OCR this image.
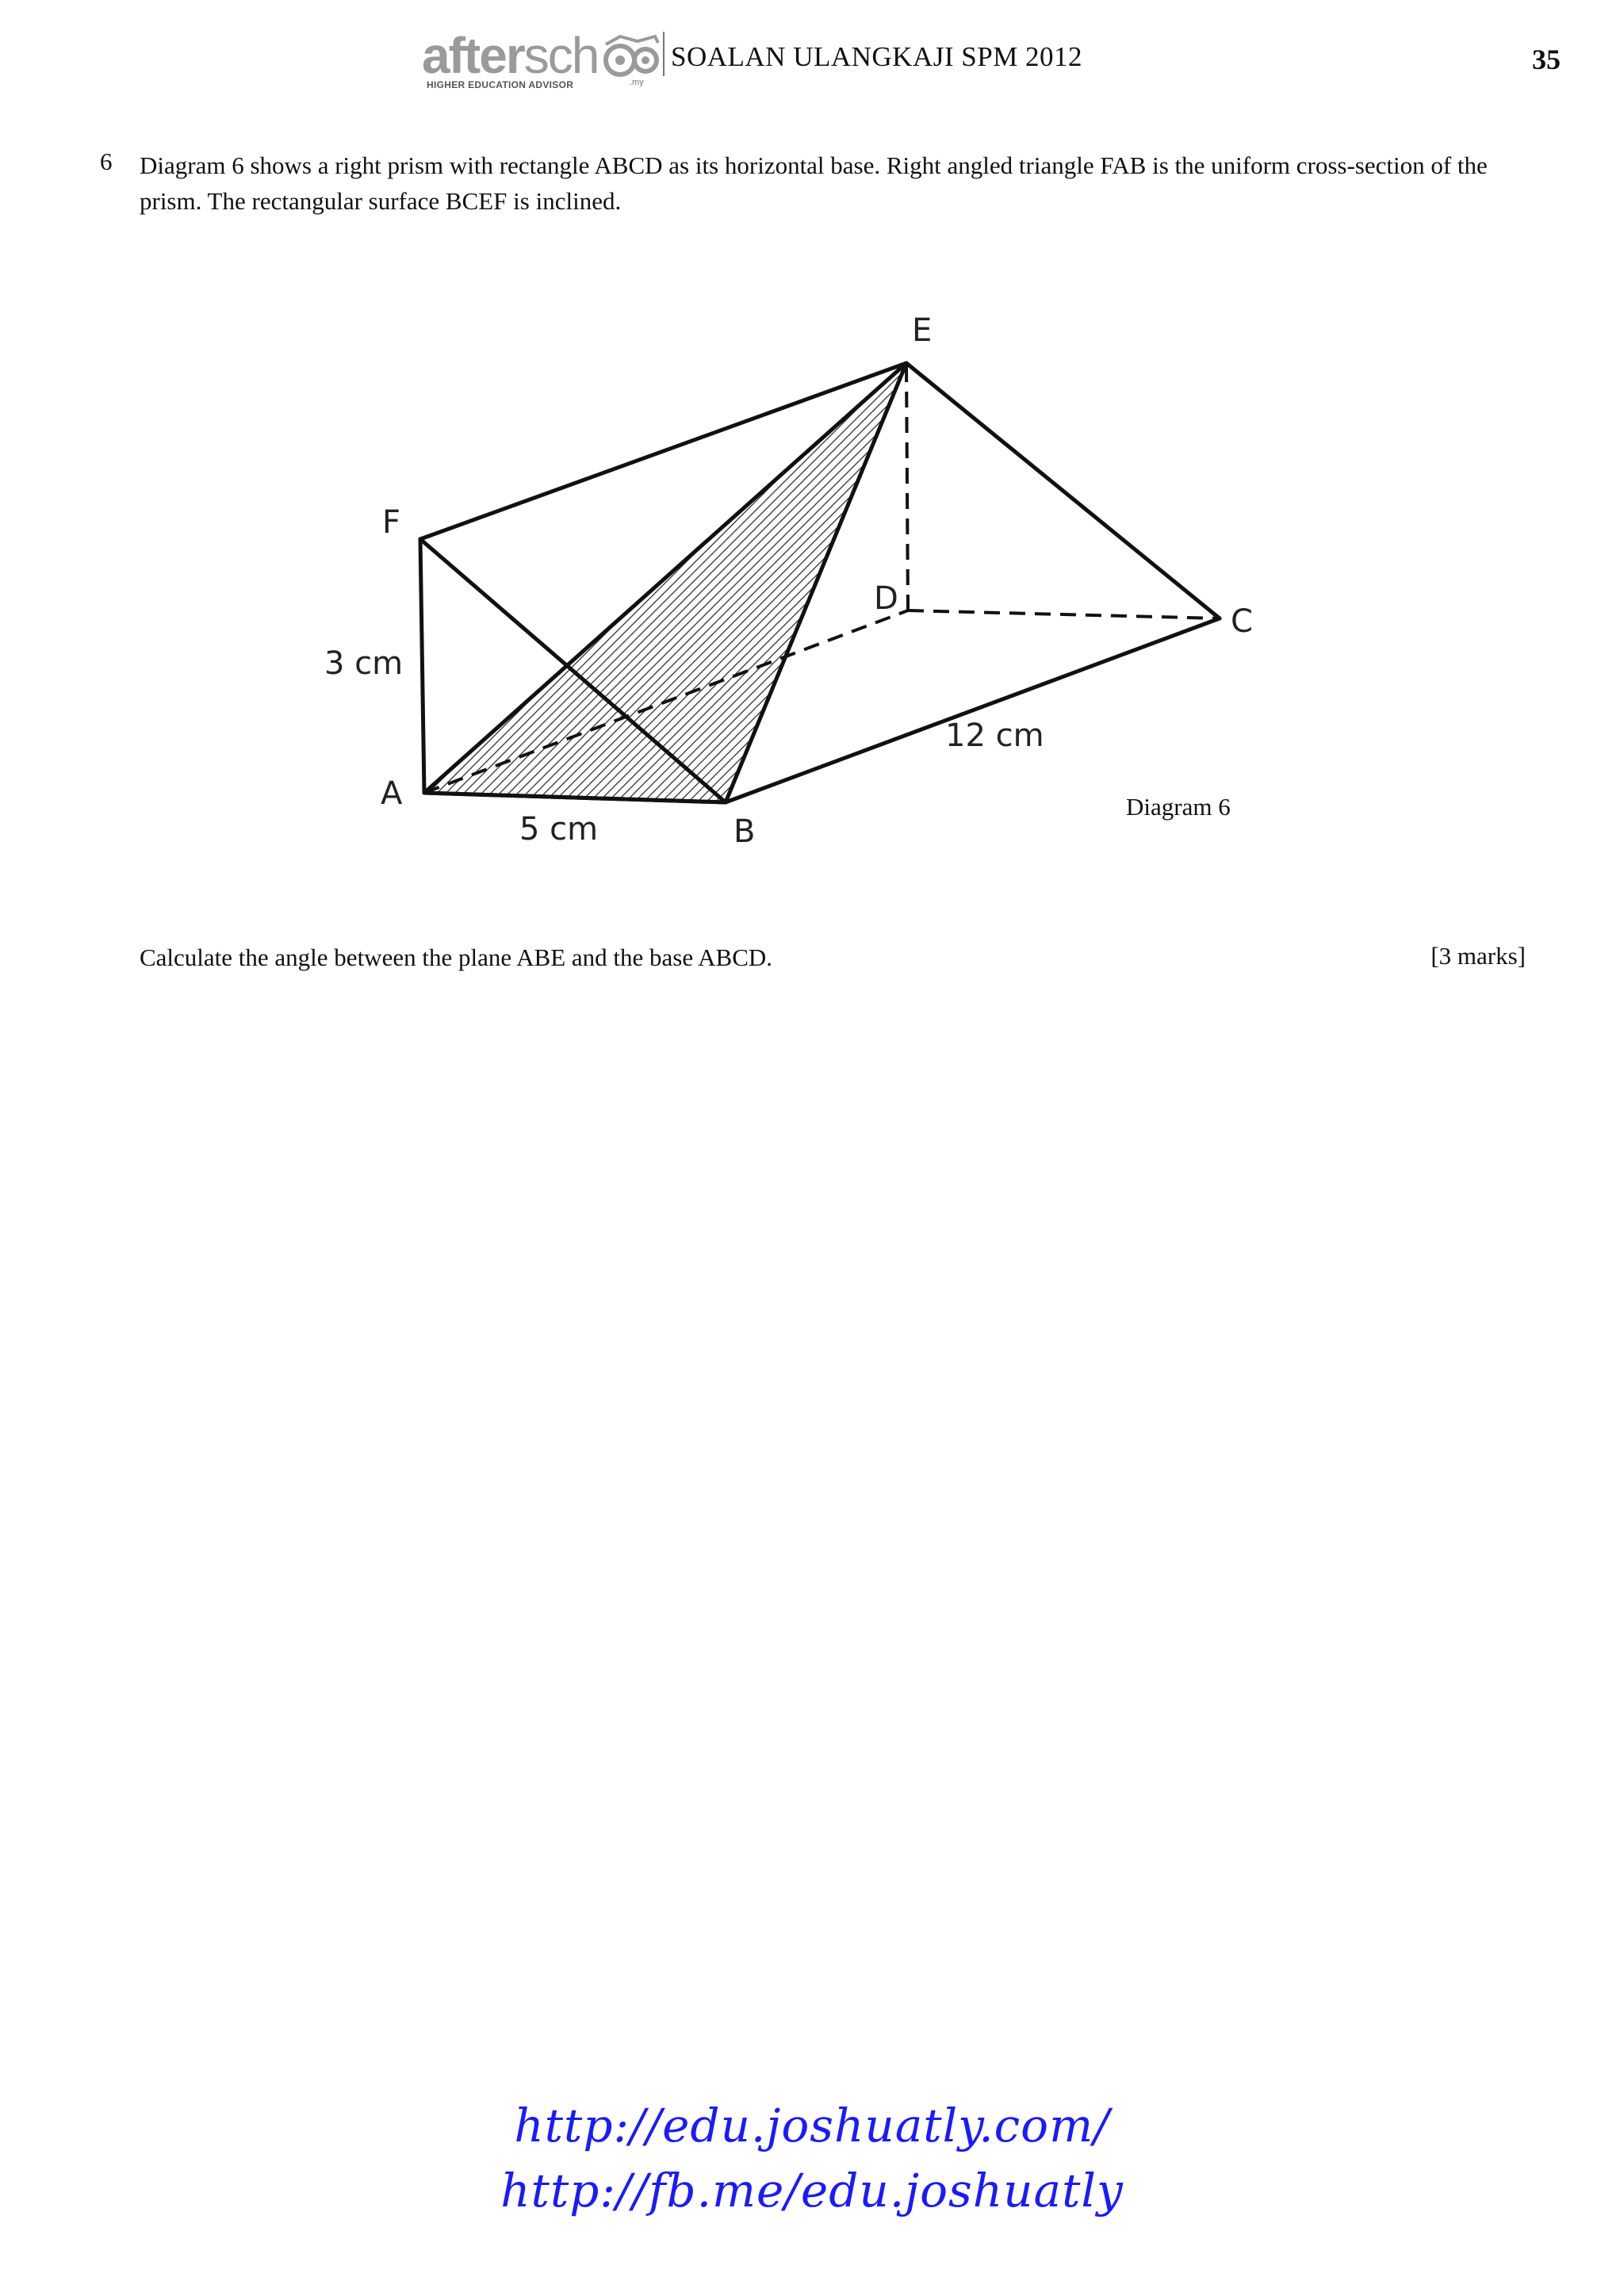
aftersch
HIGHER EDUCATION ADVISOR	.my
SOALAN ULANGKAJI SPM 2012	35
6 Diagram 6 shows a right prism with rectangle ABCD as its horizontal base. Right angled triangle FAB is the uniform cross-section of the prism. The rectangular surface BCEF is inclined.
E
F
D
C
A
B
3 cm
5 cm
12 cm
Diagram 6
Calculate the angle between the plane ABE and the base ABCD.	[3 marks]
http://edu.joshuatly.com/
http://fb.me/edu.joshuatly
